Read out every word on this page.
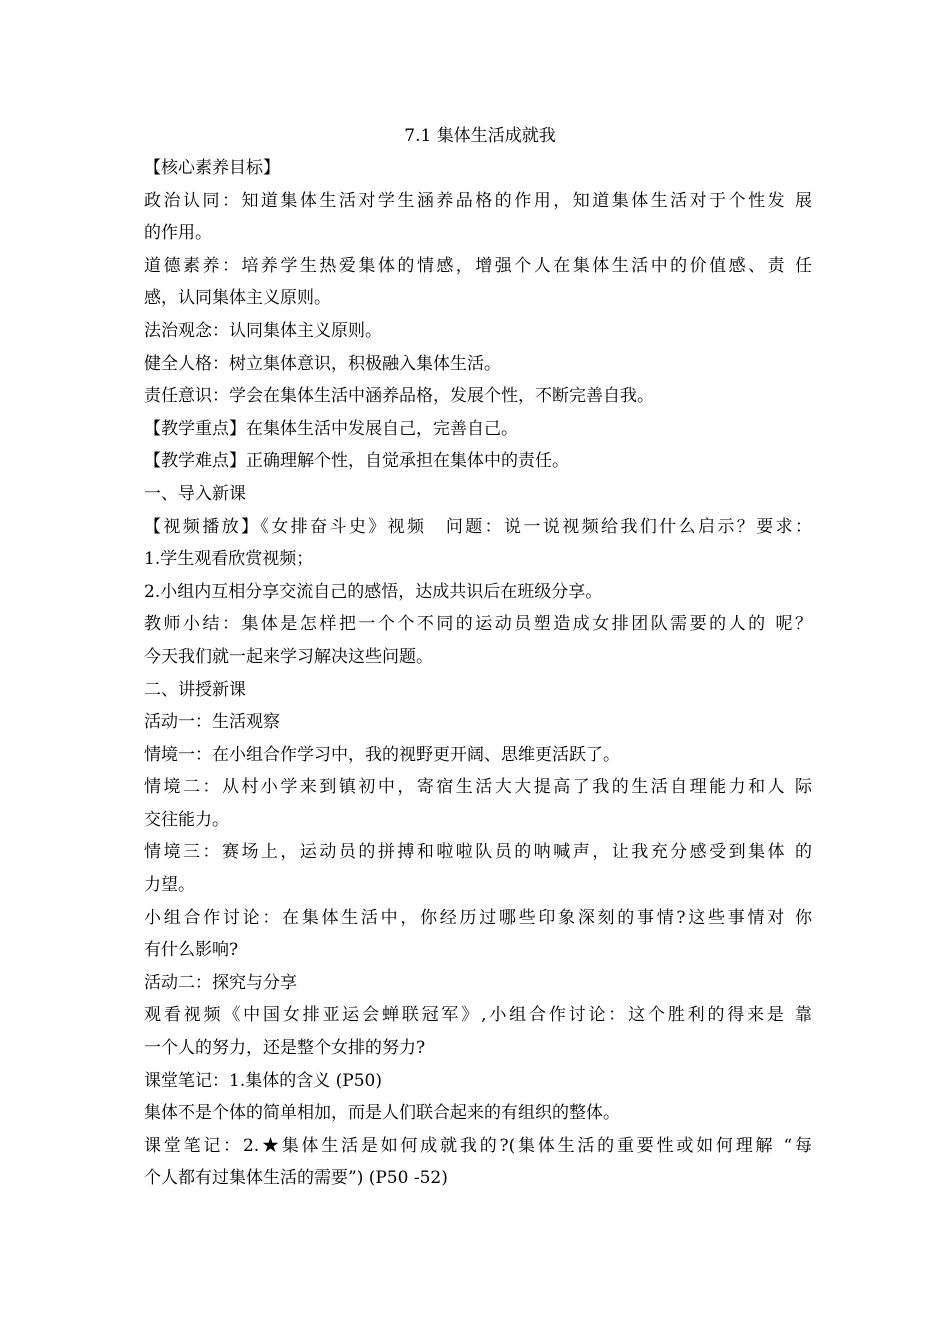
7.1 集体生活成就我
【核心素养目标】
政治认同：知道集体生活对学生涵养品格的作用，知道集体生活对于个性发 展
的作用。
道德素养：培养学生热爱集体的情感，增强个人在集体生活中的价值感、责 任
感，认同集体主义原则。
法治观念：认同集体主义原则。
健全人格：树立集体意识，积极融入集体生活。
责任意识：学会在集体生活中涵养品格，发展个性，不断完善自我。
【教学重点】在集体生活中发展自己，完善自己。
【教学难点】正确理解个性，自觉承担在集体中的责任。
一、导入新课
【视频播放】《女排奋斗史》视频　问题：说一说视频给我们什么启示？要求：
1.学生观看欣赏视频；
2.小组内互相分享交流自己的感悟，达成共识后在班级分享。
教师小结：集体是怎样把一个个不同的运动员塑造成女排团队需要的人的 呢？
今天我们就一起来学习解决这些问题。
二、讲授新课
活动一：生活观察
情境一：在小组合作学习中，我的视野更开阔、思维更活跃了。
情境二：从村小学来到镇初中，寄宿生活大大提高了我的生活自理能力和人 际
交往能力。
情境三：赛场上，运动员的拼搏和啦啦队员的呐喊声，让我充分感受到集体 的
力望。
小组合作讨论：在集体生活中，你经历过哪些印象深刻的事情?这些事情对 你
有什么影响?
活动二：探究与分享
观看视频《中国女排亚运会蝉联冠军》,小组合作讨论：这个胜利的得来是 靠
一个人的努力，还是整个女排的努力?
课堂笔记：1.集体的含义 (P50)
集体不是个体的简单相加，而是人们联合起来的有组织的整体。
课堂笔记：2.★集体生活是如何成就我的?(集体生活的重要性或如何理解 “每
个人都有过集体生活的需要”) (P50 -52)
